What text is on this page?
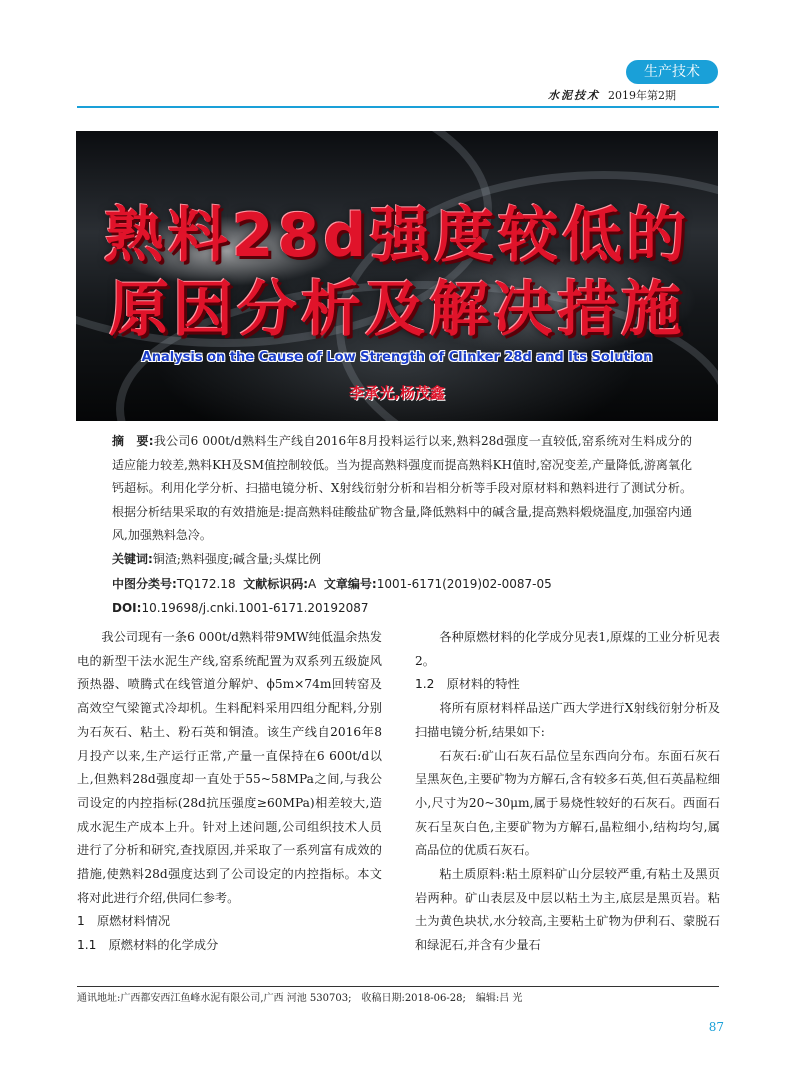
生产技术
水泥技术 2019年第2期
熟料28d强度较低的
原因分析及解决措施
Analysis on the Cause of Low Strength of Clinker 28d and Its Solution
李承光,杨茂鑫
摘　要:我公司6 000t/d熟料生产线自2016年8月投料运行以来,熟料28d强度一直较低,窑系统对生料成分的适应能力较差,熟料KH及SM值控制较低。当为提高熟料强度而提高熟料KH值时,窑况变差,产量降低,游离氧化钙超标。利用化学分析、扫描电镜分析、X射线衍射分析和岩相分析等手段对原材料和熟料进行了测试分析。根据分析结果采取的有效措施是:提高熟料硅酸盐矿物含量,降低熟料中的碱含量,提高熟料煅烧温度,加强窑内通风,加强熟料急冷。
关键词:铜渣;熟料强度;碱含量;头煤比例
中图分类号:TQ172.18 文献标识码:A 文章编号:1001-6171(2019)02-0087-05
DOI:10.19698/j.cnki.1001-6171.20192087

我公司现有一条6 000t/d熟料带9MW纯低温余热发电的新型干法水泥生产线,窑系统配置为双系列五级旋风预热器、喷腾式在线管道分解炉、ϕ5m×74m回转窑及高效空气梁篦式冷却机。生料配料采用四组分配料,分别为石灰石、粘土、粉石英和铜渣。该生产线自2016年8月投产以来,生产运行正常,产量一直保持在6 600t/d以上,但熟料28d强度却一直处于55~58MPa之间,与我公司设定的内控指标(28d抗压强度≥60MPa)相差较大,造成水泥生产成本上升。针对上述问题,公司组织技术人员进行了分析和研究,查找原因,并采取了一系列富有成效的措施,使熟料28d强度达到了公司设定的内控指标。本文将对此进行介绍,供同仁参考。

1　原燃材料情况
1.1　原燃材料的化学成分

各种原燃材料的化学成分见表1,原煤的工业分析见表2。

1.2　原材料的特性

将所有原材料样品送广西大学进行X射线衍射分析及扫描电镜分析,结果如下:

石灰石:矿山石灰石品位呈东西向分布。东面石灰石呈黑灰色,主要矿物为方解石,含有较多石英,但石英晶粒细小,尺寸为20~30μm,属于易烧性较好的石灰石。西面石灰石呈灰白色,主要矿物为方解石,晶粒细小,结构均匀,属高品位的优质石灰石。

粘土质原料:粘土原料矿山分层较严重,有粘土及黑页岩两种。矿山表层及中层以粘土为主,底层是黑页岩。粘土为黄色块状,水分较高,主要粘土矿物为伊利石、蒙脱石和绿泥石,并含有少量石

通讯地址:广西都安西江鱼峰水泥有限公司,广西 河池 530703;　收稿日期:2018-06-28;　编辑:吕 光
87
